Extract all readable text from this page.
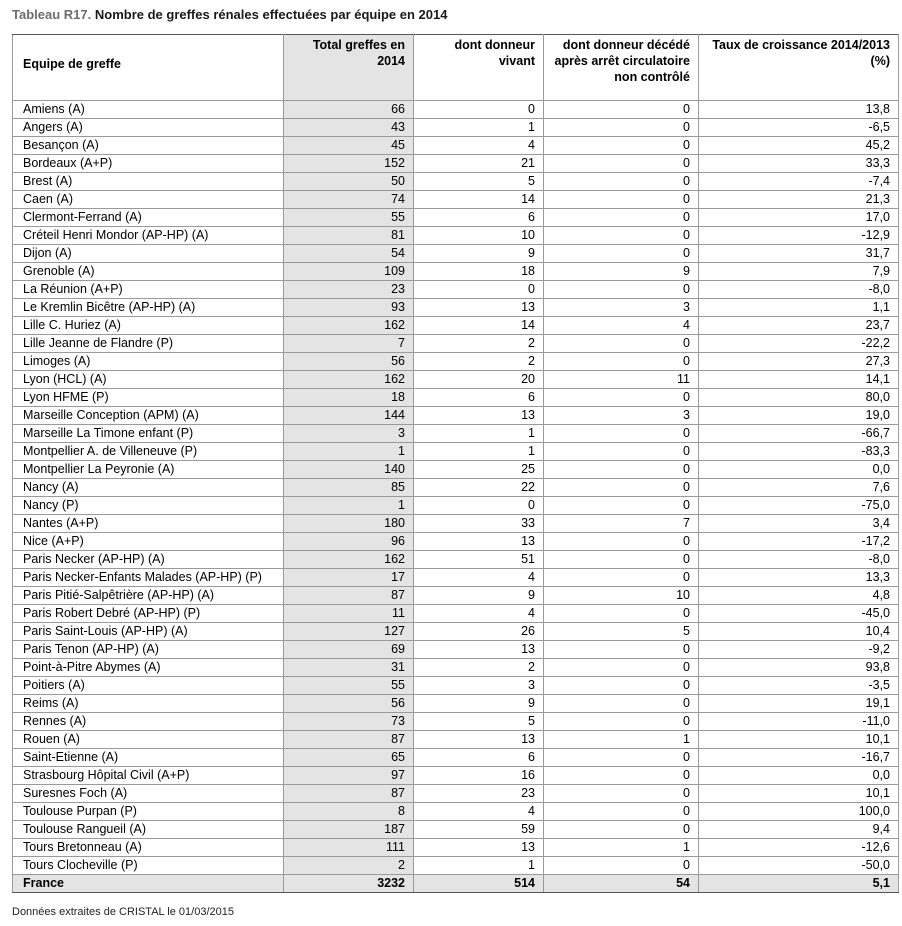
Tableau R17. Nombre de greffes rénales effectuées par équipe en 2014
Equipe de greffe	Total greffes en 2014	dont donneur vivant	dont donneur décédé après arrêt circulatoire non contrôlé	Taux de croissance 2014/2013 (%)
Amiens (A)	66	0	0	13,8
Angers (A)	43	1	0	-6,5
Besançon (A)	45	4	0	45,2
Bordeaux (A+P)	152	21	0	33,3
Brest (A)	50	5	0	-7,4
Caen (A)	74	14	0	21,3
Clermont-Ferrand (A)	55	6	0	17,0
Créteil Henri Mondor (AP-HP) (A)	81	10	0	-12,9
Dijon (A)	54	9	0	31,7
Grenoble (A)	109	18	9	7,9
La Réunion (A+P)	23	0	0	-8,0
Le Kremlin Bicêtre (AP-HP) (A)	93	13	3	1,1
Lille C. Huriez (A)	162	14	4	23,7
Lille Jeanne de Flandre (P)	7	2	0	-22,2
Limoges (A)	56	2	0	27,3
Lyon (HCL) (A)	162	20	11	14,1
Lyon HFME (P)	18	6	0	80,0
Marseille Conception (APM) (A)	144	13	3	19,0
Marseille La Timone enfant (P)	3	1	0	-66,7
Montpellier A. de Villeneuve (P)	1	1	0	-83,3
Montpellier La Peyronie (A)	140	25	0	0,0
Nancy (A)	85	22	0	7,6
Nancy (P)	1	0	0	-75,0
Nantes (A+P)	180	33	7	3,4
Nice (A+P)	96	13	0	-17,2
Paris Necker (AP-HP) (A)	162	51	0	-8,0
Paris Necker-Enfants Malades (AP-HP) (P)	17	4	0	13,3
Paris Pitié-Salpêtrière (AP-HP) (A)	87	9	10	4,8
Paris Robert Debré (AP-HP) (P)	11	4	0	-45,0
Paris Saint-Louis (AP-HP) (A)	127	26	5	10,4
Paris Tenon (AP-HP) (A)	69	13	0	-9,2
Point-à-Pitre Abymes (A)	31	2	0	93,8
Poitiers (A)	55	3	0	-3,5
Reims (A)	56	9	0	19,1
Rennes (A)	73	5	0	-11,0
Rouen (A)	87	13	1	10,1
Saint-Etienne (A)	65	6	0	-16,7
Strasbourg Hôpital Civil (A+P)	97	16	0	0,0
Suresnes Foch (A)	87	23	0	10,1
Toulouse Purpan (P)	8	4	0	100,0
Toulouse Rangueil (A)	187	59	0	9,4
Tours Bretonneau (A)	111	13	1	-12,6
Tours Clocheville (P)	2	1	0	-50,0
France	3232	514	54	5,1
Données extraites de CRISTAL le 01/03/2015
